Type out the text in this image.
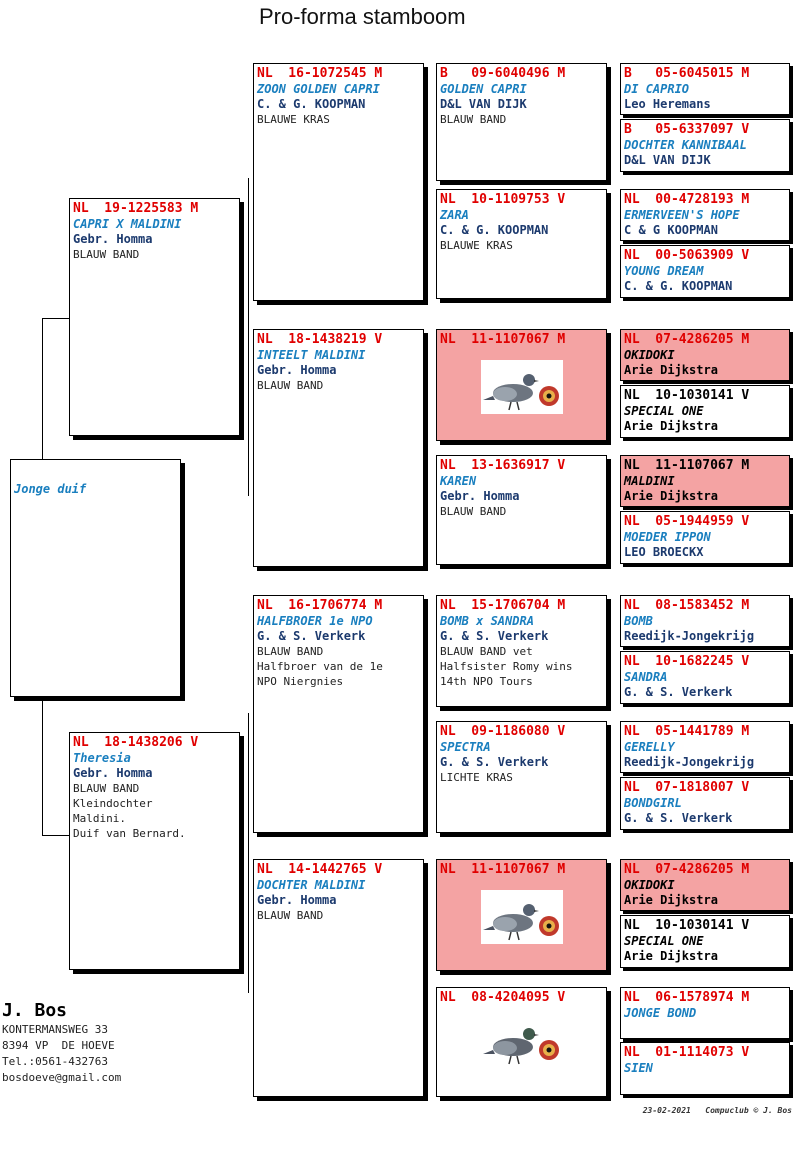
Pro-forma stamboom
Jonge duif
NL  19-1225583 M
CAPRI X MALDINI
Gebr. Homma
BLAUW BAND
NL  18-1438206 V
Theresia
Gebr. Homma
BLAUW BAND
Kleindochter
Maldini.
Duif van Bernard.
NL  16-1072545 M
ZOON GOLDEN CAPRI
C. & G. KOOPMAN
BLAUWE KRAS
NL  18-1438219 V
INTEELT MALDINI
Gebr. Homma
BLAUW BAND
NL  16-1706774 M
HALFBROER 1e NPO
G. & S. Verkerk
BLAUW BAND
Halfbroer van de 1e
NPO Niergnies
NL  14-1442765 V
DOCHTER MALDINI
Gebr. Homma
BLAUW BAND
B   09-6040496 M
GOLDEN CAPRI
D&L VAN DIJK
BLAUW BAND
NL  10-1109753 V
ZARA
C. & G. KOOPMAN
BLAUWE KRAS
NL  11-1107067 M
NL  13-1636917 V
KAREN
Gebr. Homma
BLAUW BAND
NL  15-1706704 M
BOMB x SANDRA
G. & S. Verkerk
BLAUW BAND vet
Halfsister Romy wins
14th NPO Tours
NL  09-1186080 V
SPECTRA
G. & S. Verkerk
LICHTE KRAS
NL  11-1107067 M
NL  08-4204095 V
B   05-6045015 M
DI CAPRIO
Leo Heremans
B   05-6337097 V
DOCHTER KANNIBAAL
D&L VAN DIJK
NL  00-4728193 M
ERMERVEEN'S HOPE
C & G KOOPMAN
NL  00-5063909 V
YOUNG DREAM
C. & G. KOOPMAN
NL  07-4286205 M
OKIDOKI
Arie Dijkstra
NL  10-1030141 V
SPECIAL ONE
Arie Dijkstra
NL  11-1107067 M
MALDINI
Arie Dijkstra
NL  05-1944959 V
MOEDER IPPON
LEO BROECKX
NL  08-1583452 M
BOMB
Reedijk-Jongekrijg
NL  10-1682245 V
SANDRA
G. & S. Verkerk
NL  05-1441789 M
GERELLY
Reedijk-Jongekrijg
NL  07-1818007 V
BONDGIRL
G. & S. Verkerk
NL  07-4286205 M
OKIDOKI
Arie Dijkstra
NL  10-1030141 V
SPECIAL ONE
Arie Dijkstra
NL  06-1578974 M
JONGE BOND
NL  01-1114073 V
SIEN
J. Bos
KONTERMANSWEG 33
8394 VP  DE HOEVE
Tel.:0561-432763
bosdoeve@gmail.com
23-02-2021   Compuclub © J. Bos
